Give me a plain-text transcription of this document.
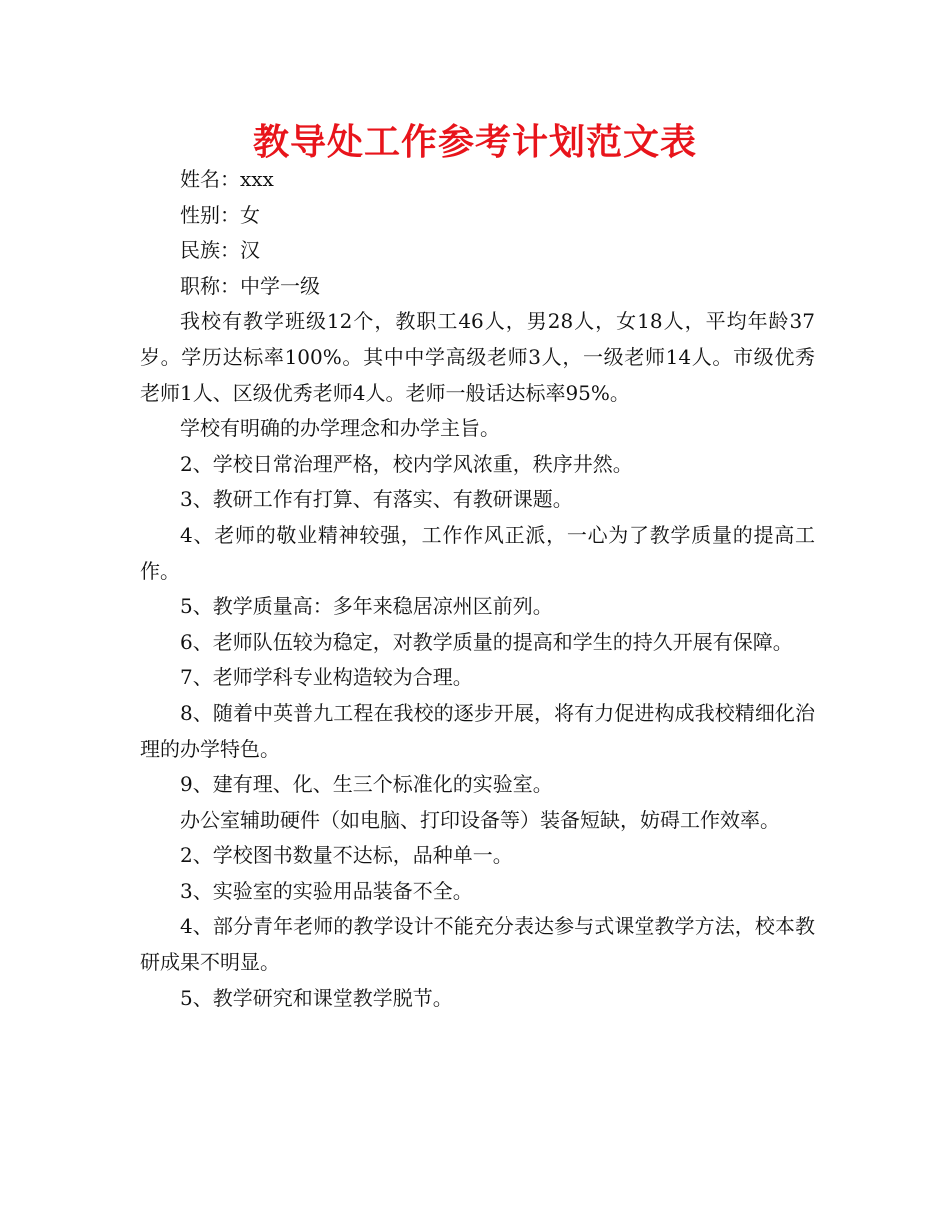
教导处工作参考计划范文表

姓名：xxx

性别：女

民族：汉

职称：中学一级

我校有教学班级12个，教职工46人，男28人，女18人，平均年龄37岁。学历达标率100%。其中中学高级老师3人，一级老师14人。市级优秀老师1人、区级优秀老师4人。老师一般话达标率95%。

学校有明确的办学理念和办学主旨。

2、学校日常治理严格，校内学风浓重，秩序井然。

3、教研工作有打算、有落实、有教研课题。

4、老师的敬业精神较强，工作作风正派，一心为了教学质量的提高工作。

5、教学质量高：多年来稳居凉州区前列。

6、老师队伍较为稳定，对教学质量的提高和学生的持久开展有保障。

7、老师学科专业构造较为合理。

8、随着中英普九工程在我校的逐步开展，将有力促进构成我校精细化治理的办学特色。

9、建有理、化、生三个标准化的实验室。

办公室辅助硬件（如电脑、打印设备等）装备短缺，妨碍工作效率。

2、学校图书数量不达标，品种单一。

3、实验室的实验用品装备不全。

4、部分青年老师的教学设计不能充分表达参与式课堂教学方法，校本教研成果不明显。

5、教学研究和课堂教学脱节。
